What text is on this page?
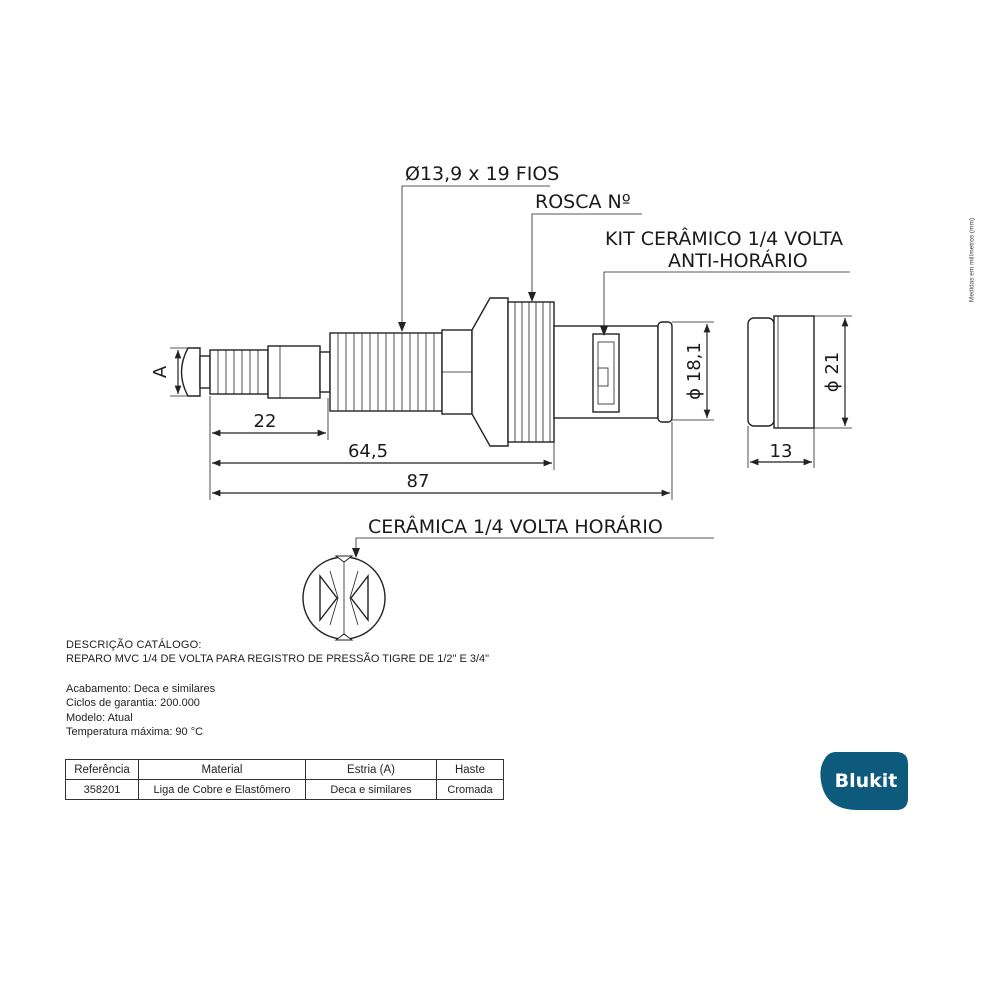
A
22
64,5
87
ϕ 18,1	ϕ 21
13
Ø13,9 x 19 FIOS
ROSCA Nº
KIT CERÂMICO 1/4 VOLTA
ANTI-HORÁRIO
CERÂMICA 1/4 VOLTA HORÁRIO
Medidas em milímetros (mm)
DESCRIÇÃO CATÁLOGO:
REPARO MVC 1/4 DE VOLTA PARA REGISTRO DE PRESSÃO TIGRE DE 1/2" E 3/4"
Acabamento: Deca e similares
Ciclos de garantia: 200.000
Modelo: Atual
Temperatura máxima: 90 °C
Referência	Material	Estria (A)	Haste
358201	Liga de Cobre e Elastômero	Deca e similares	Cromada	Blukit
